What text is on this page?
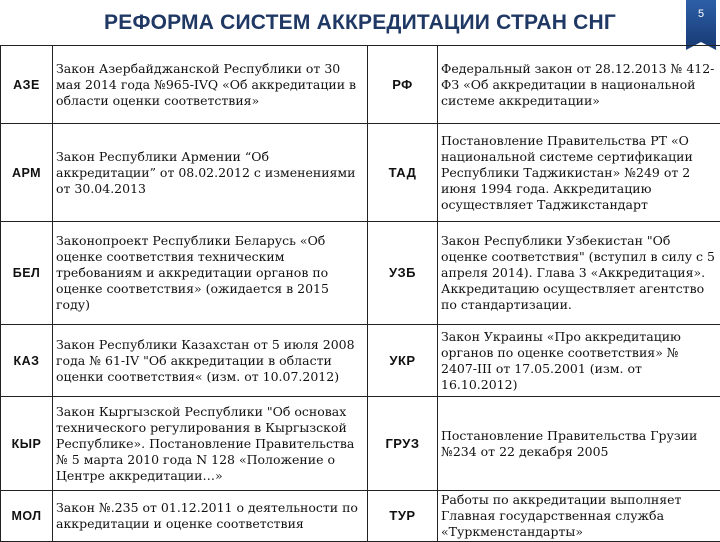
РЕФОРМА СИСТЕМ АККРЕДИТАЦИИ СТРАН СНГ	5
АЗЕ	Закон Азербайджанской Республики от 30 мая 2014 года №965-IVQ «Об аккредитации в области оценки соответствия»	РФ	Федеральный закон от 28.12.2013 № 412-ФЗ «Об аккредитации в национальной системе аккредитации»
АРМ	Закон Республики Армении “Об аккредитации” от 08.02.2012 с изменениями от 30.04.2013	ТАД	Постановление Правительства РТ «О национальной системе сертификации Республики Таджикистан» №249 от 2 июня 1994 года. Аккредитацию осуществляет Таджикстандарт
БЕЛ	Законопроект Республики Беларусь «Об оценке соответствия техническим требованиям и аккредитации органов по оценке соответствия» (ожидается в 2015 году)	УЗБ	Закон Республики Узбекистан "Об оценке соответствия" (вступил в силу с 5 апреля 2014). Глава 3 «Аккредитация». Аккредитацию осуществляет агентство по стандартизации.
КАЗ	Закон Республики Казахстан от 5 июля 2008 года № 61-IV "Об аккредитации в области оценки соответствия« (изм. от 10.07.2012)	УКР	Закон Украины «Про аккредитацию органов по оценке соответствия» № 2407-III от 17.05.2001 (изм. от 16.10.2012)
КЫР	Закон Кыргызской Республики "Об основах технического регулирования в Кыргызской Республике». Постановление Правительства № 5 марта 2010 года N 128 «Положение о Центре аккредитации…»	ГРУЗ	Постановление Правительства Грузии №234 от 22 декабря 2005
МОЛ	Закон №.235 от 01.12.2011 о деятельности по аккредитации и оценке соответствия	ТУР	Работы по аккредитации выполняет Главная государственная служба «Туркменстандарты»
